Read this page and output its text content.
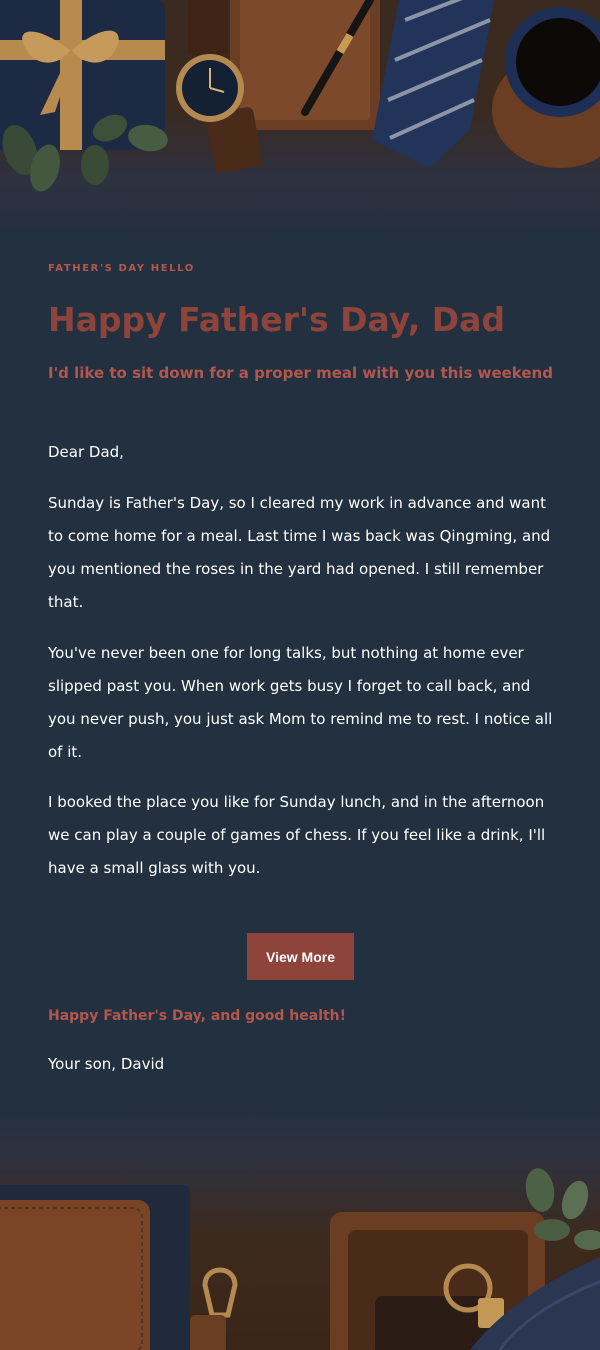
FATHER'S DAY HELLO
Happy Father's Day, Dad

I'd like to sit down for a proper meal with you this weekend

Dear Dad,

Sunday is Father's Day, so I cleared my work in advance and want to come home for a meal. Last time I was back was Qingming, and you mentioned the roses in the yard had opened. I still remember that.

You've never been one for long talks, but nothing at home ever slipped past you. When work gets busy I forget to call back, and you never push, you just ask Mom to remind me to rest. I notice all of it.

I booked the place you like for Sunday lunch, and in the afternoon we can play a couple of games of chess. If you feel like a drink, I'll have a small glass with you.

View More

Happy Father's Day, and good health!

Your son, David
